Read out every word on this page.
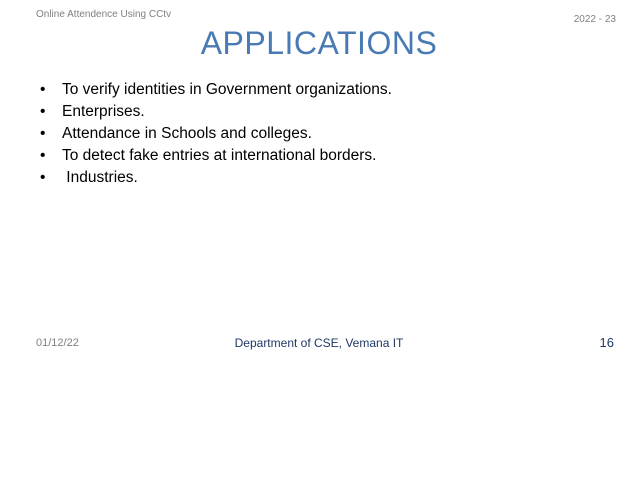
Online Attendence Using CCtv	2022 - 23
APPLICATIONS
• To verify identities in Government organizations.
• Enterprises.
• Attendance in Schools and colleges.
• To detect fake entries at international borders.
• Industries.
01/12/22	Department of CSE, Vemana IT	16
